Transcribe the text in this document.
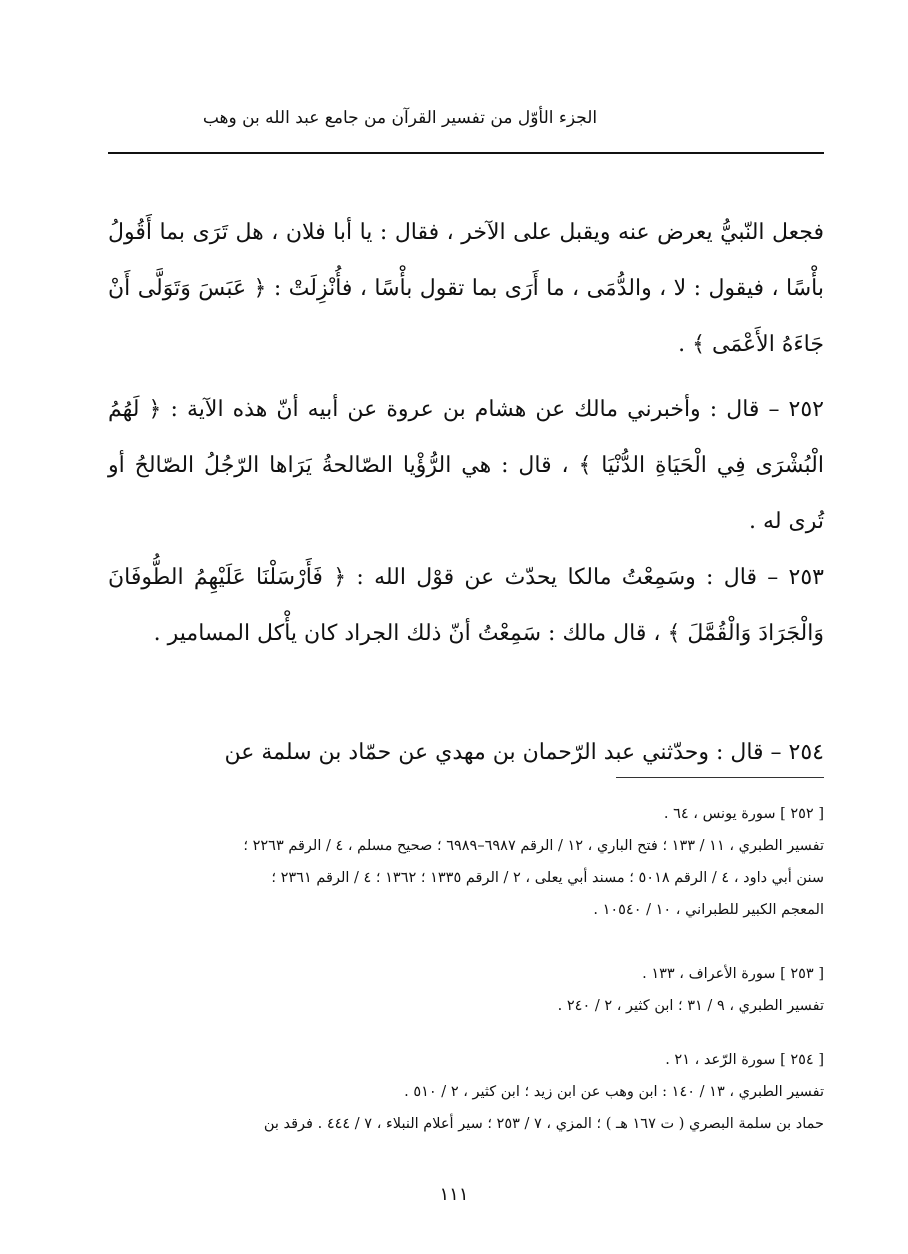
الجزء الأوّل من تفسير القرآن من جامع عبد الله بن وهب
فجعل النّبيُّ يعرض عنه ويقبل على الآخر ، فقال : يا أبا فلان ، هل تَرَى بما أَقُولُ بأْسًا ، فيقول : لا ، والدُّمَى ، ما أَرَى بما تقول بأْسًا ، فأُنْزِلَتْ : ﴿ عَبَسَ وَتَوَلَّى أَنْ جَاءَهُ الأَعْمَى ﴾ .
٢٥٢ – قال : وأخبرني مالك عن هشام بن عروة عن أبيه أنّ هذه الآية : ﴿ لَهُمُ الْبُشْرَى فِي الْحَيَاةِ الدُّنْيَا ﴾ ، قال : هي الرُّؤْيا الصّالحةُ يَرَاها الرّجُلُ الصّالحُ أو تُرى له .
٢٥٣ – قال : وسَمِعْتُ مالكا يحدّث عن قوْل الله : ﴿ فَأَرْسَلْنَا عَلَيْهِمُ الطُّوفَانَ وَالْجَرَادَ وَالْقُمَّلَ ﴾ ، قال مالك : سَمِعْتُ أنّ ذلك الجراد كان يأْكل المسامير .
٢٥٤ – قال : وحدّثني عبد الرّحمان بن مهدي عن حمّاد بن سلمة عن
[ ٢٥٢ ] سورة يونس ، ٦٤ .
تفسير الطبري ، ١١ / ١٣٣ ؛ فتح الباري ، ١٢ / الرقم ٦٩٨٧–٦٩٨٩ ؛ صحيح مسلم ، ٤ / الرقم ٢٢٦٣ ؛
سنن أبي داود ، ٤ / الرقم ٥٠١٨ ؛ مسند أبي يعلى ، ٢ / الرقم ١٣٣٥ ؛ ١٣٦٢ ؛ ٤ / الرقم ٢٣٦١ ؛
المعجم الكبير للطبراني ، ١٠ / ١٠٥٤٠ .
[ ٢٥٣ ] سورة الأعراف ، ١٣٣ .
تفسير الطبري ، ٩ / ٣١ ؛ ابن كثير ، ٢ / ٢٤٠ .
[ ٢٥٤ ] سورة الرّعد ، ٢١ .
تفسير الطبري ، ١٣ / ١٤٠ : ابن وهب عن ابن زيد ؛ ابن كثير ، ٢ / ٥١٠ .
حماد بن سلمة البصري ( ت ١٦٧ هـ ) ؛ المزي ، ٧ / ٢٥٣ ؛ سير أعلام النبلاء ، ٧ / ٤٤٤ . فرقد بن
١١١
